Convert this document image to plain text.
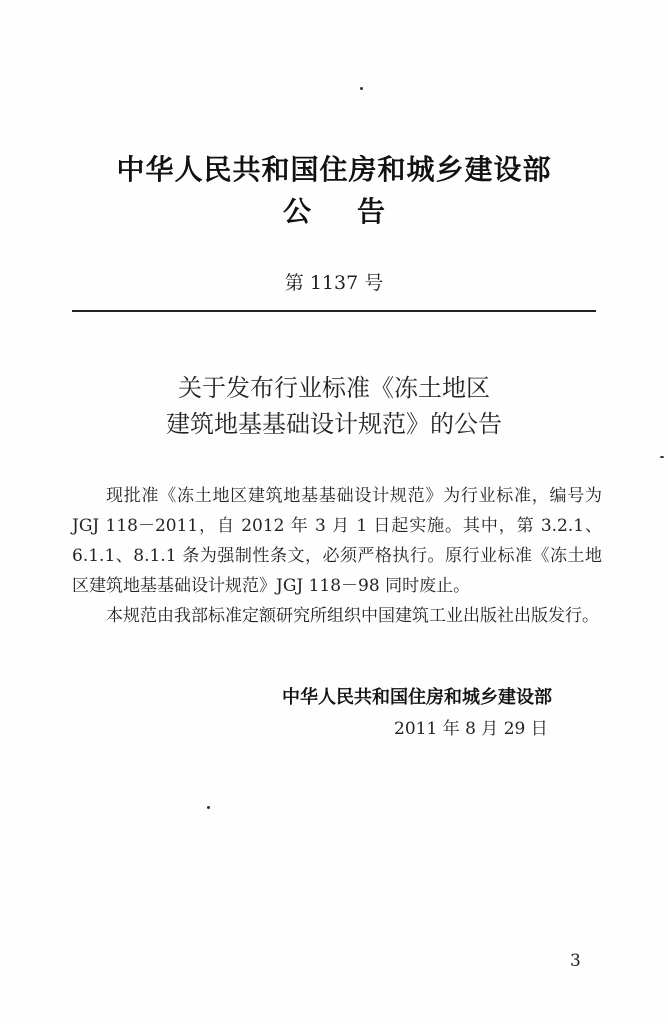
中华人民共和国住房和城乡建设部
公告
第 1137 号
关于发布行业标准《冻土地区
建筑地基基础设计规范》的公告

现批准《冻土地区建筑地基基础设计规范》为行业标准，编号为 JGJ 118－2011，自 2012 年 3 月 1 日起实施。其中，第 3.2.1、6.1.1、8.1.1 条为强制性条文，必须严格执行。原行业标准《冻土地区建筑地基基础设计规范》JGJ 118－98 同时废止。

本规范由我部标准定额研究所组织中国建筑工业出版社出版发行。

中华人民共和国住房和城乡建设部
2011 年 8 月 29 日
3
